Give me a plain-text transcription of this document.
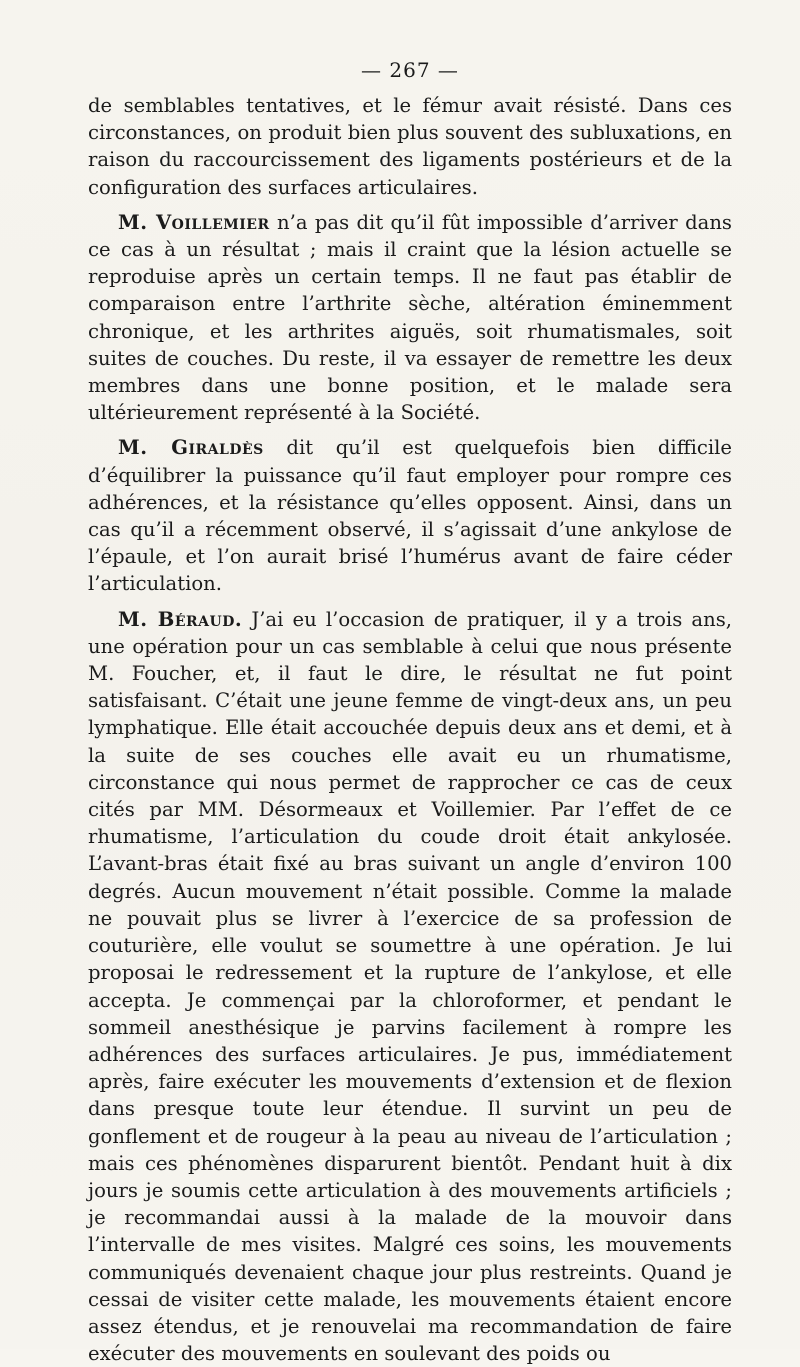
— 267 —

de semblables tentatives, et le fémur avait résisté. Dans ces circonstances, on produit bien plus souvent des subluxations, en raison du raccourcissement des ligaments postérieurs et de la configuration des surfaces articulaires.

M. Voillemier n’a pas dit qu’il fût impossible d’arriver dans ce cas à un résultat ; mais il craint que la lésion actuelle se reproduise après un certain temps. Il ne faut pas établir de comparaison entre l’arthrite sèche, altération éminemment chronique, et les arthrites aiguës, soit rhumatismales, soit suites de couches. Du reste, il va essayer de remettre les deux membres dans une bonne position, et le malade sera ultérieurement représenté à la Société.

M. Giraldès dit qu’il est quelquefois bien difficile d’équilibrer la puissance qu’il faut employer pour rompre ces adhérences, et la résistance qu’elles opposent. Ainsi, dans un cas qu’il a récemment observé, il s’agissait d’une ankylose de l’épaule, et l’on aurait brisé l’humérus avant de faire céder l’articulation.

M. Béraud. J’ai eu l’occasion de pratiquer, il y a trois ans, une opération pour un cas semblable à celui que nous présente M. Foucher, et, il faut le dire, le résultat ne fut point satisfaisant. C’était une jeune femme de vingt-deux ans, un peu lymphatique. Elle était accouchée depuis deux ans et demi, et à la suite de ses couches elle avait eu un rhumatisme, circonstance qui nous permet de rapprocher ce cas de ceux cités par MM. Désormeaux et Voillemier. Par l’effet de ce rhumatisme, l’articulation du coude droit était ankylosée. L’avant-bras était fixé au bras suivant un angle d’environ 100 degrés. Aucun mouvement n’était possible. Comme la malade ne pouvait plus se livrer à l’exercice de sa profession de couturière, elle voulut se soumettre à une opération. Je lui proposai le redressement et la rupture de l’ankylose, et elle accepta. Je commençai par la chloroformer, et pendant le sommeil anesthésique je parvins facilement à rompre les adhérences des surfaces articulaires. Je pus, immédiatement après, faire exécuter les mouvements d’extension et de flexion dans presque toute leur étendue. Il survint un peu de gonflement et de rougeur à la peau au niveau de l’articulation ; mais ces phénomènes disparurent bientôt. Pendant huit à dix jours je soumis cette articulation à des mouvements artificiels ; je recommandai aussi à la malade de la mouvoir dans l’intervalle de mes visites. Malgré ces soins, les mouvements communiqués devenaient chaque jour plus restreints. Quand je cessai de visiter cette malade, les mouvements étaient encore assez étendus, et je renouvelai ma recommandation de faire exécuter des mouvements en soulevant des poids ou
